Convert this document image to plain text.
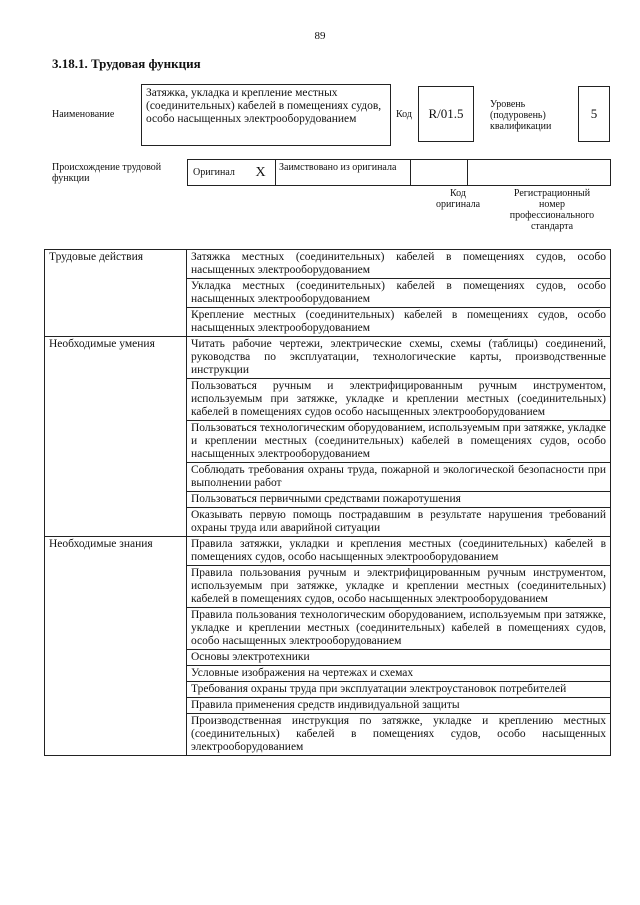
89
3.18.1. Трудовая функция
Наименование
Затяжка, укладка и крепление местных (соединительных) кабелей в помещениях судов, особо насыщенных электрооборудованием	Код	R/01.5
Уровень (подуровень) квалификации
5
Происхождение трудовой функции
Оригинал	X	Заимствовано из оригинала
Код оригинала
Регистрационный номер профессионального стандарта
Трудовые действия	Затяжка местных (соединительных) кабелей в помещениях судов, особо насыщенных электрооборудованием
	Укладка местных (соединительных) кабелей в помещениях судов, особо насыщенных электрооборудованием
	Крепление местных (соединительных) кабелей в помещениях судов, особо насыщенных электрооборудованием
Необходимые умения	Читать рабочие чертежи, электрические схемы, схемы (таблицы) соединений, руководства по эксплуатации, технологические карты, производственные инструкции
	Пользоваться ручным и электрифицированным ручным инструментом, используемым при затяжке, укладке и креплении местных (соединительных) кабелей в помещениях судов особо насыщенных электрооборудованием
	Пользоваться технологическим оборудованием, используемым при затяжке, укладке и креплении местных (соединительных) кабелей в помещениях судов, особо насыщенных электрооборудованием
	Соблюдать требования охраны труда, пожарной и экологической безопасности при выполнении работ
	Пользоваться первичными средствами пожаротушения
	Оказывать первую помощь пострадавшим в результате нарушения требований охраны труда или аварийной ситуации
Необходимые знания	Правила затяжки, укладки и крепления местных (соединительных) кабелей в помещениях судов, особо насыщенных электрооборудованием
	Правила пользования ручным и электрифицированным ручным инструментом, используемым при затяжке, укладке и креплении местных (соединительных) кабелей в помещениях судов, особо насыщенных электрооборудованием
	Правила пользования технологическим оборудованием, используемым при затяжке, укладке и креплении местных (соединительных) кабелей в помещениях судов, особо насыщенных электрооборудованием
	Основы электротехники
	Условные изображения на чертежах и схемах
	Требования охраны труда при эксплуатации электроустановок потребителей
	Правила применения средств индивидуальной защиты
	Производственная инструкция по затяжке, укладке и креплению местных (соединительных) кабелей в помещениях судов, особо насыщенных электрооборудованием
